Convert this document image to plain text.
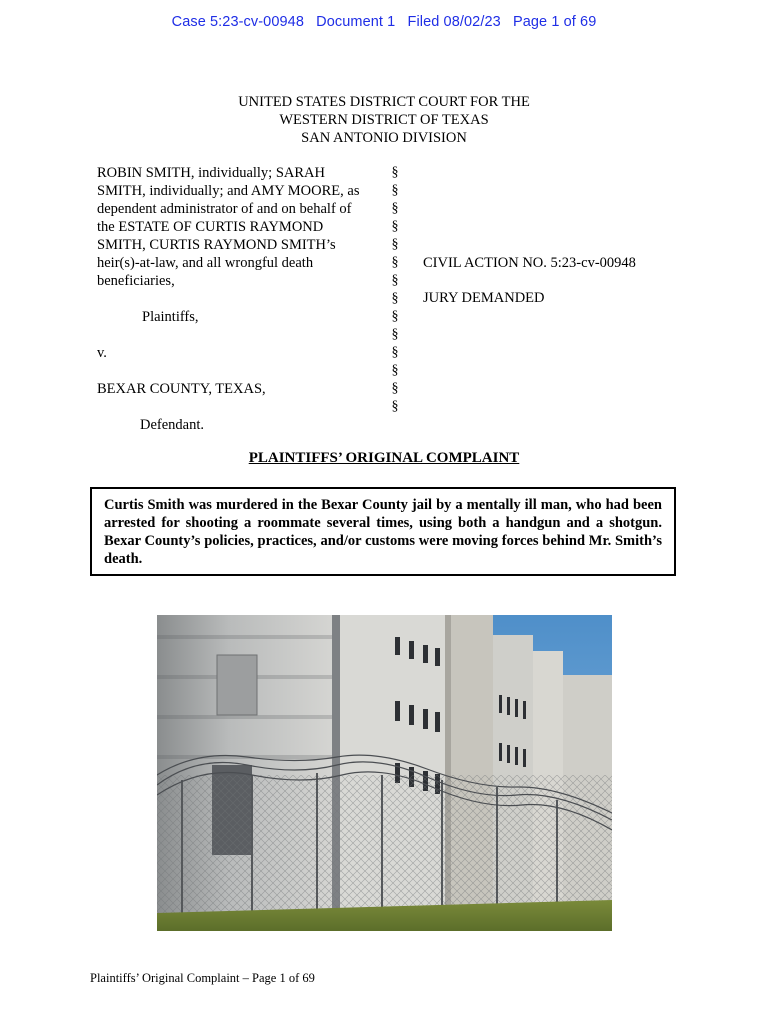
Case 5:23-cv-00948 Document 1 Filed 08/02/23 Page 1 of 69
UNITED STATES DISTRICT COURT FOR THE
WESTERN DISTRICT OF TEXAS
SAN ANTONIO DIVISION
ROBIN SMITH, individually; SARAH
SMITH, individually; and AMY MOORE, as
dependent administrator of and on behalf of
the ESTATE OF CURTIS RAYMOND
SMITH, CURTIS RAYMOND SMITH’s
heir(s)-at-law, and all wrongful death
beneficiaries,
Plaintiffs,
v.
BEXAR COUNTY, TEXAS,
Defendant.
§
§
§
§
§
§
§
§
§
§
§
§
§
§
CIVIL ACTION NO. 5:23-cv-00948
JURY DEMANDED
PLAINTIFFS’ ORIGINAL COMPLAINT
Curtis Smith was murdered in the Bexar County jail by a mentally ill man, who had been arrested for shooting a roommate several times, using both a handgun and a shotgun. Bexar County’s policies, practices, and/or customs were moving forces behind Mr. Smith’s death.
Plaintiffs’ Original Complaint – Page 1 of 69
